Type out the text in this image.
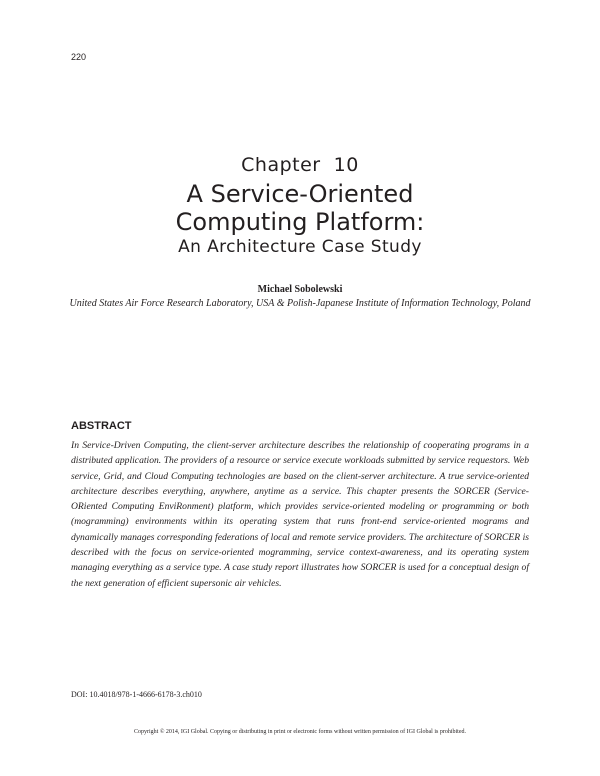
220
Chapter  10
A Service-Oriented
Computing Platform:
An Architecture Case Study
Michael Sobolewski
United States Air Force Research Laboratory, USA & Polish-Japanese Institute of Information Technology, Poland
ABSTRACT

In Service-Driven Computing, the client-server architecture describes the relationship of cooperating programs in a distributed application. The providers of a resource or service execute workloads submitted by service requestors. Web service, Grid, and Cloud Computing technologies are based on the client-server architecture. A true service-oriented architecture describes everything, anywhere, anytime as a service. This chapter presents the SORCER (Service-ORiented Computing EnviRonment) platform, which provides service-oriented modeling or programming or both (mogramming) environments within its operating system that runs front-end service-oriented mograms and dynamically manages corresponding federations of local and remote service providers. The architecture of SORCER is described with the focus on service-oriented mogramming, service context-awareness, and its operating system managing everything as a service type. A case study report illustrates how SORCER is used for a conceptual design of the next generation of efficient supersonic air vehicles.

DOI: 10.4018/978-1-4666-6178-3.ch010
Copyright © 2014, IGI Global. Copying or distributing in print or electronic forms without written permission of IGI Global is prohibited.
